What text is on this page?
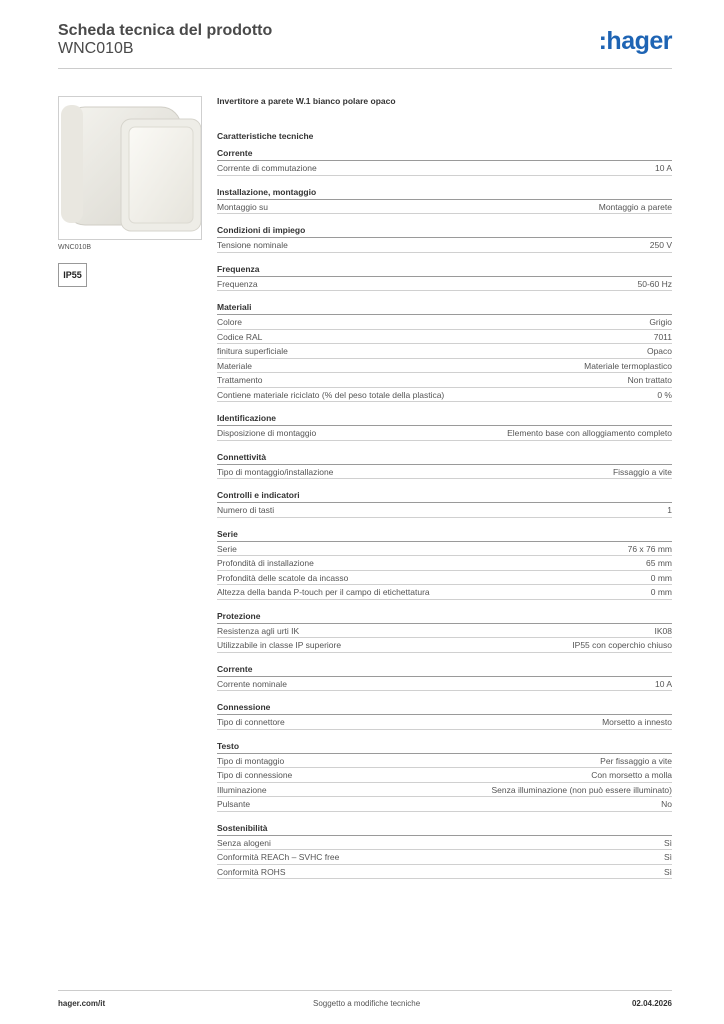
Scheda tecnica del prodotto
WNC010B	:hager
WNC010B
IP55
Invertitore a parete W.1 bianco polare opaco
Caratteristiche tecniche
Corrente
Corrente di commutazione	10 A
Installazione, montaggio
Montaggio su	Montaggio a parete
Condizioni di impiego
Tensione nominale	250 V
Frequenza
Frequenza	50-60 Hz
Materiali
Colore	Grigio
Codice RAL	7011
finitura superficiale	Opaco
Materiale	Materiale termoplastico
Trattamento	Non trattato
Contiene materiale riciclato (% del peso totale della plastica)	0 %
Identificazione
Disposizione di montaggio	Elemento base con alloggiamento completo
Connettività
Tipo di montaggio/installazione	Fissaggio a vite
Controlli e indicatori
Numero di tasti	1
Serie
Serie	76 x 76 mm
Profondità di installazione	65 mm
Profondità delle scatole da incasso	0 mm
Altezza della banda P-touch per il campo di etichettatura	0 mm
Protezione
Resistenza agli urti IK	IK08
Utilizzabile in classe IP superiore	IP55 con coperchio chiuso
Corrente
Corrente nominale	10 A
Connessione
Tipo di connettore	Morsetto a innesto
Testo
Tipo di montaggio	Per fissaggio a vite
Tipo di connessione	Con morsetto a molla
Illuminazione	Senza illuminazione (non può essere illuminato)
Pulsante	No
Sostenibilità
Senza alogeni	Sì
Conformità REACh – SVHC free	Sì
Conformità ROHS	Sì
hager.com/it	Soggetto a modifiche tecniche	02.04.2026
